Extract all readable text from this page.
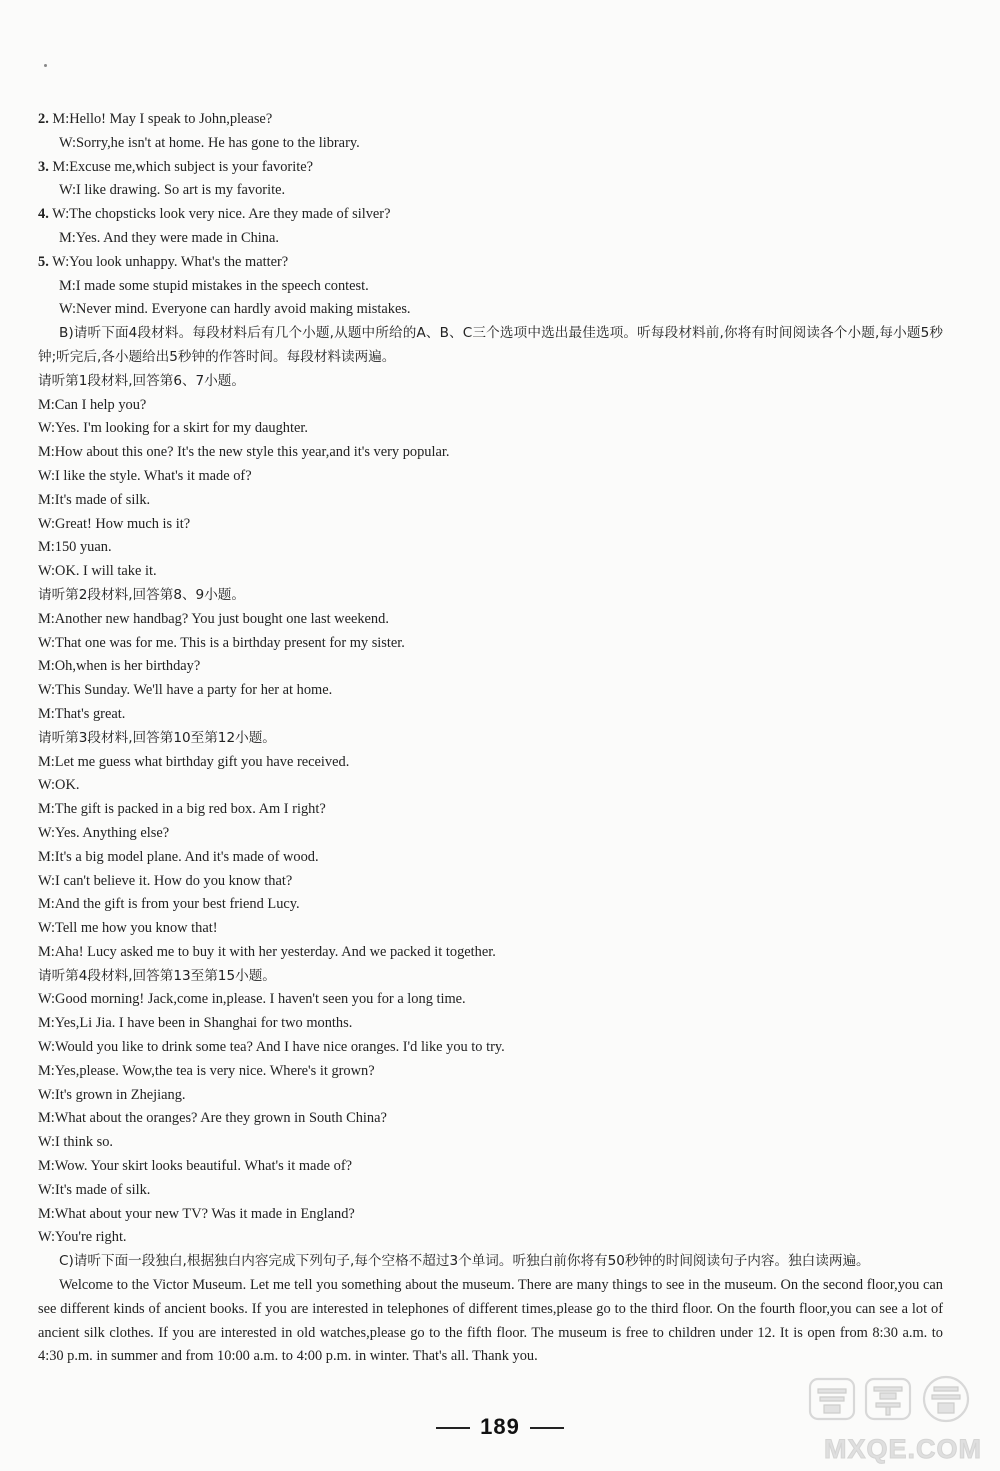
2. M:Hello! May I speak to John,please?
W:Sorry,he isn't at home. He has gone to the library.
3. M:Excuse me,which subject is your favorite?
W:I like drawing. So art is my favorite.
4. W:The chopsticks look very nice. Are they made of silver?
M:Yes. And they were made in China.
5. W:You look unhappy. What's the matter?
M:I made some stupid mistakes in the speech contest.
W:Never mind. Everyone can hardly avoid making mistakes.
B)请听下面4段材料。每段材料后有几个小题,从题中所给的A、B、C三个选项中选出最佳选项。听每段材料前,你将有时间阅读各个小题,每小题5秒钟;听完后,各小题给出5秒钟的作答时间。每段材料读两遍。
请听第1段材料,回答第6、7小题。
M:Can I help you?
W:Yes. I'm looking for a skirt for my daughter.
M:How about this one? It's the new style this year,and it's very popular.
W:I like the style. What's it made of?
M:It's made of silk.
W:Great! How much is it?
M:150 yuan.
W:OK. I will take it.
请听第2段材料,回答第8、9小题。
M:Another new handbag? You just bought one last weekend.
W:That one was for me. This is a birthday present for my sister.
M:Oh,when is her birthday?
W:This Sunday. We'll have a party for her at home.
M:That's great.
请听第3段材料,回答第10至第12小题。
M:Let me guess what birthday gift you have received.
W:OK.
M:The gift is packed in a big red box. Am I right?
W:Yes. Anything else?
M:It's a big model plane. And it's made of wood.
W:I can't believe it. How do you know that?
M:And the gift is from your best friend Lucy.
W:Tell me how you know that!
M:Aha! Lucy asked me to buy it with her yesterday. And we packed it together.
请听第4段材料,回答第13至第15小题。
W:Good morning! Jack,come in,please. I haven't seen you for a long time.
M:Yes,Li Jia. I have been in Shanghai for two months.
W:Would you like to drink some tea? And I have nice oranges. I'd like you to try.
M:Yes,please. Wow,the tea is very nice. Where's it grown?
W:It's grown in Zhejiang.
M:What about the oranges? Are they grown in South China?
W:I think so.
M:Wow. Your skirt looks beautiful. What's it made of?
W:It's made of silk.
M:What about your new TV? Was it made in England?
W:You're right.
C)请听下面一段独白,根据独白内容完成下列句子,每个空格不超过3个单词。听独白前你将有50秒钟的时间阅读句子内容。独白读两遍。
Welcome to the Victor Museum. Let me tell you something about the museum. There are many things to see in the museum. On the second floor,you can see different kinds of ancient books. If you are interested in telephones of different times,please go to the third floor. On the fourth floor,you can see a lot of ancient silk clothes. If you are interested in old watches,please go to the fifth floor. The museum is free to children under 12. It is open from 8:30 a.m. to 4:30 p.m. in summer and from 10:00 a.m. to 4:00 p.m. in winter. That's all. Thank you.
189
MXQE.COM
